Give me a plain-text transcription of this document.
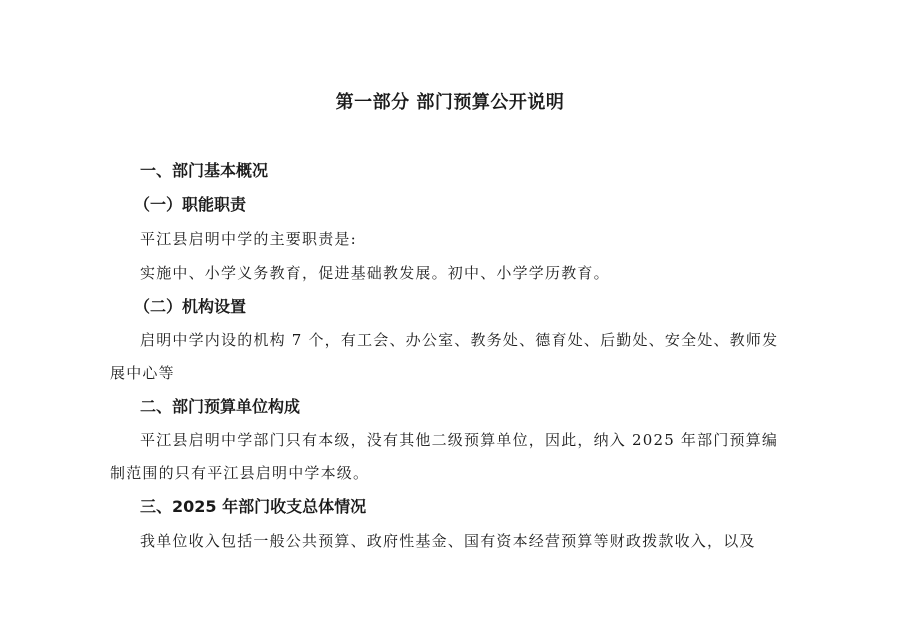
第一部分 部门预算公开说明
一、部门基本概况
（一）职能职责

平江县启明中学的主要职责是:

实施中、小学义务教育，促进基础教发展。初中、小学学历教育。

（二）机构设置

启明中学内设的机构 7 个，有工会、办公室、教务处、德育处、后勤处、安全处、教师发展中心等

二、部门预算单位构成

平江县启明中学部门只有本级，没有其他二级预算单位，因此，纳入 2025 年部门预算编制范围的只有平江县启明中学本级。

三、2025 年部门收支总体情况

我单位收入包括一般公共预算、政府性基金、国有资本经营预算等财政拨款收入，以及
